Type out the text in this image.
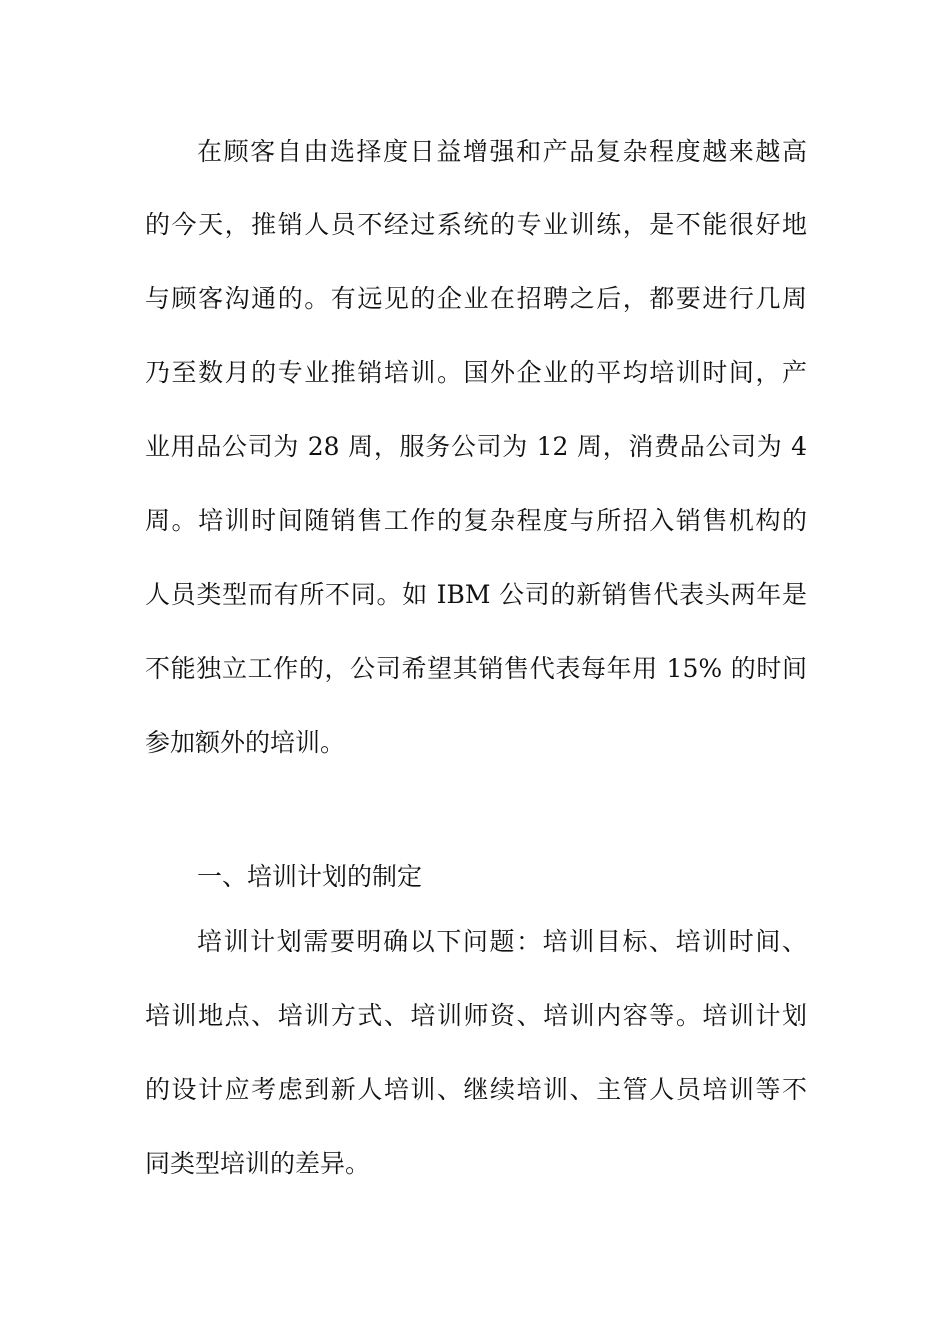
在顾客自由选择度日益增强和产品复杂程度越来越高
的今天，推销人员不经过系统的专业训练，是不能很好地
与顾客沟通的。有远见的企业在招聘之后，都要进行几周
乃至数月的专业推销培训。国外企业的平均培训时间，产
业用品公司为 28 周，服务公司为 12 周，消费品公司为 4
周。培训时间随销售工作的复杂程度与所招入销售机构的
人员类型而有所不同。如 IBM 公司的新销售代表头两年是
不能独立工作的，公司希望其销售代表每年用 15% 的时间
参加额外的培训。
一、培训计划的制定
培训计划需要明确以下问题：培训目标、培训时间、
培训地点、培训方式、培训师资、培训内容等。培训计划
的设计应考虑到新人培训、继续培训、主管人员培训等不
同类型培训的差异。
